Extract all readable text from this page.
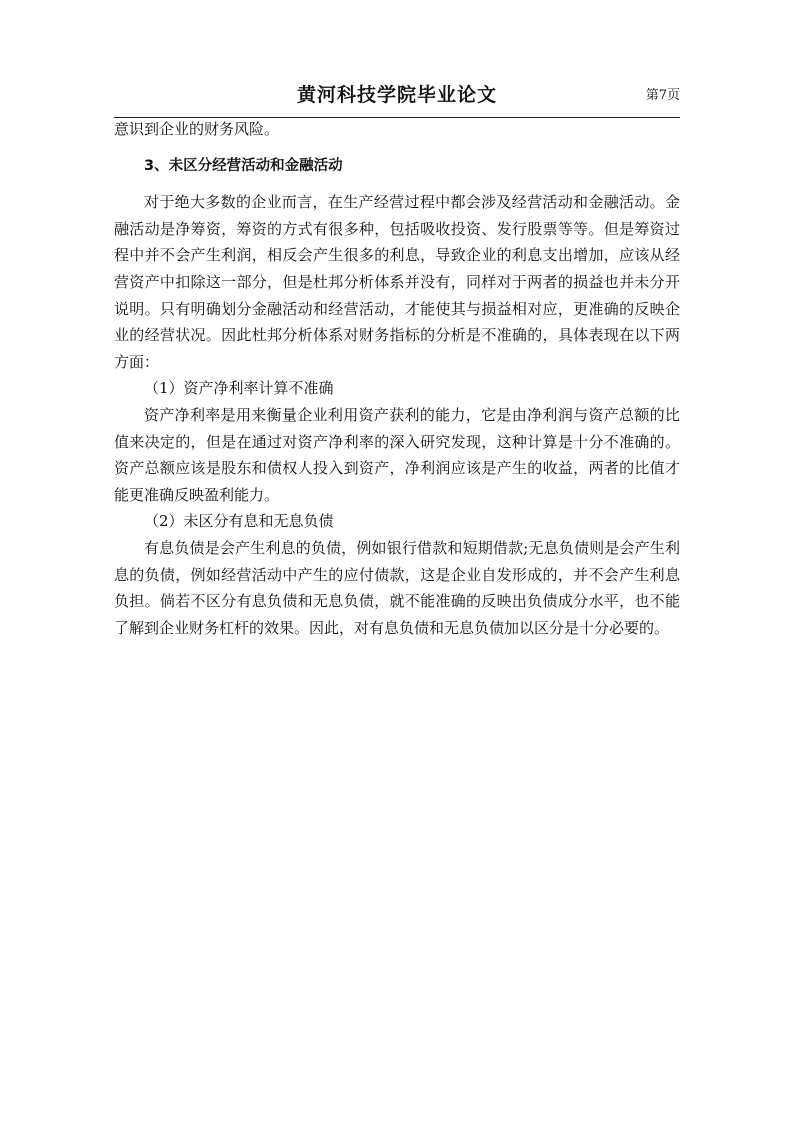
黄河科技学院毕业论文	第7页

意识到企业的财务风险。

3、未区分经营活动和金融活动

对于绝大多数的企业而言，在生产经营过程中都会涉及经营活动和金融活动。金融活动是净筹资，筹资的方式有很多种，包括吸收投资、发行股票等等。但是筹资过程中并不会产生利润，相反会产生很多的利息，导致企业的利息支出增加，应该从经营资产中扣除这一部分，但是杜邦分析体系并没有，同样对于两者的损益也并未分开说明。只有明确划分金融活动和经营活动，才能使其与损益相对应，更准确的反映企业的经营状况。因此杜邦分析体系对财务指标的分析是不准确的，具体表现在以下两方面：

（1）资产净利率计算不准确

资产净利率是用来衡量企业利用资产获利的能力，它是由净利润与资产总额的比值来决定的，但是在通过对资产净利率的深入研究发现，这种计算是十分不准确的。资产总额应该是股东和债权人投入到资产，净利润应该是产生的收益，两者的比值才能更准确反映盈利能力。

（2）未区分有息和无息负债

有息负债是会产生利息的负债，例如银行借款和短期借款;无息负债则是会产生利息的负债，例如经营活动中产生的应付债款，这是企业自发形成的，并不会产生利息负担。倘若不区分有息负债和无息负债，就不能准确的反映出负债成分水平，也不能了解到企业财务杠杆的效果。因此，对有息负债和无息负债加以区分是十分必要的。
